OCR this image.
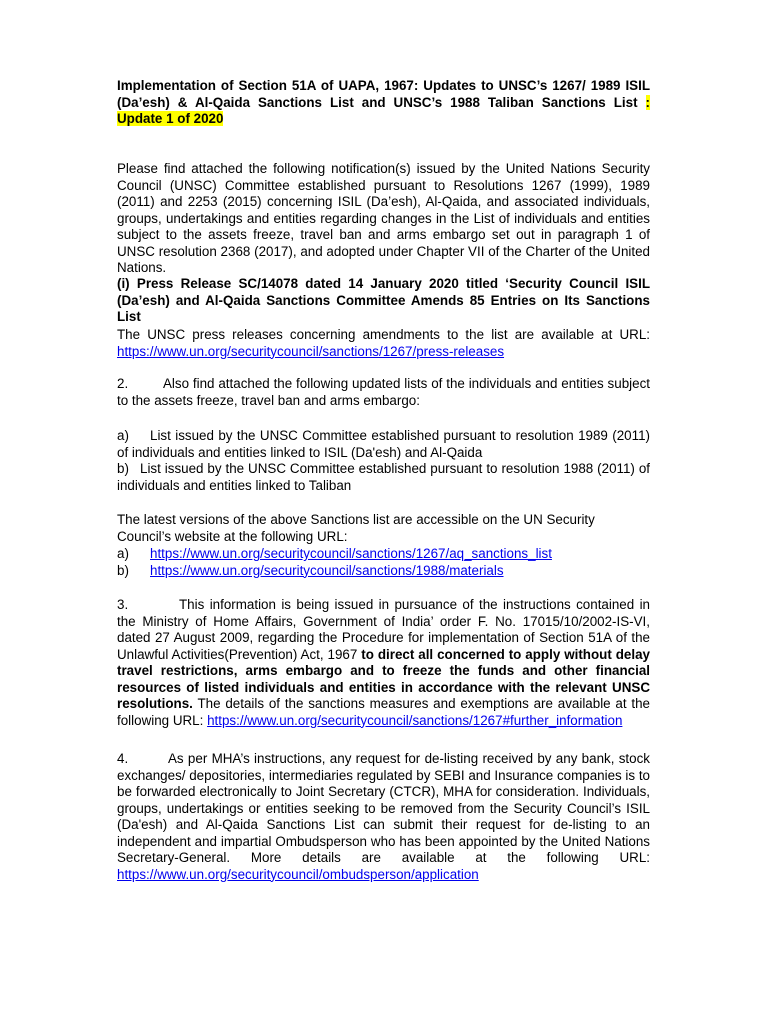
Implementation of Section 51A of UAPA, 1967: Updates to UNSC’s 1267/ 1989 ISIL (Da’esh) & Al-Qaida Sanctions List and UNSC’s 1988 Taliban Sanctions List : Update 1 of 2020

Please find attached the following notification(s) issued by the United Nations Security Council (UNSC) Committee established pursuant to Resolutions 1267 (1999), 1989 (2011) and 2253 (2015) concerning ISIL (Da’esh), Al-Qaida, and associated individuals, groups, undertakings and entities regarding changes in the List of individuals and entities subject to the assets freeze, travel ban and arms embargo set out in paragraph 1 of UNSC resolution 2368 (2017), and adopted under Chapter VII of the Charter of the United Nations.

(i) Press Release SC/14078 dated 14 January 2020 titled ‘Security Council ISIL (Da’esh) and Al-Qaida Sanctions Committee Amends 85 Entries on Its Sanctions List

The UNSC press releases concerning amendments to the list are available at URL: https://www.un.org/securitycouncil/sanctions/1267/press-releases

2.	Also find attached the following updated lists of the individuals and entities subject to the assets freeze, travel ban and arms embargo:

a) List issued by the UNSC Committee established pursuant to resolution 1989 (2011) of individuals and entities linked to ISIL (Da'esh) and Al-Qaida

b) List issued by the UNSC Committee established pursuant to resolution 1988 (2011) of individuals and entities linked to Taliban

The latest versions of the above Sanctions list are accessible on the UN Security Council’s website at the following URL:

a) https://www.un.org/securitycouncil/sanctions/1267/aq_sanctions_list
b) https://www.un.org/securitycouncil/sanctions/1988/materials

3.	This information is being issued in pursuance of the instructions contained in the Ministry of Home Affairs, Government of India’ order F. No. 17015/10/2002-IS-VI, dated 27 August 2009, regarding the Procedure for implementation of Section 51A of the Unlawful Activities(Prevention) Act, 1967 to direct all concerned to apply without delay travel restrictions, arms embargo and to freeze the funds and other financial resources of listed individuals and entities in accordance with the relevant UNSC resolutions. The details of the sanctions measures and exemptions are available at the following URL: https://www.un.org/securitycouncil/sanctions/1267#further_information

4.	As per MHA’s instructions, any request for de-listing received by any bank, stock exchanges/ depositories, intermediaries regulated by SEBI and Insurance companies is to be forwarded electronically to Joint Secretary (CTCR), MHA for consideration. Individuals, groups, undertakings or entities seeking to be removed from the Security Council’s ISIL (Da'esh) and Al-Qaida Sanctions List can submit their request for de-listing to an independent and impartial Ombudsperson who has been appointed by the United Nations Secretary-General. More details are available at the following URL: https://www.un.org/securitycouncil/ombudsperson/application
